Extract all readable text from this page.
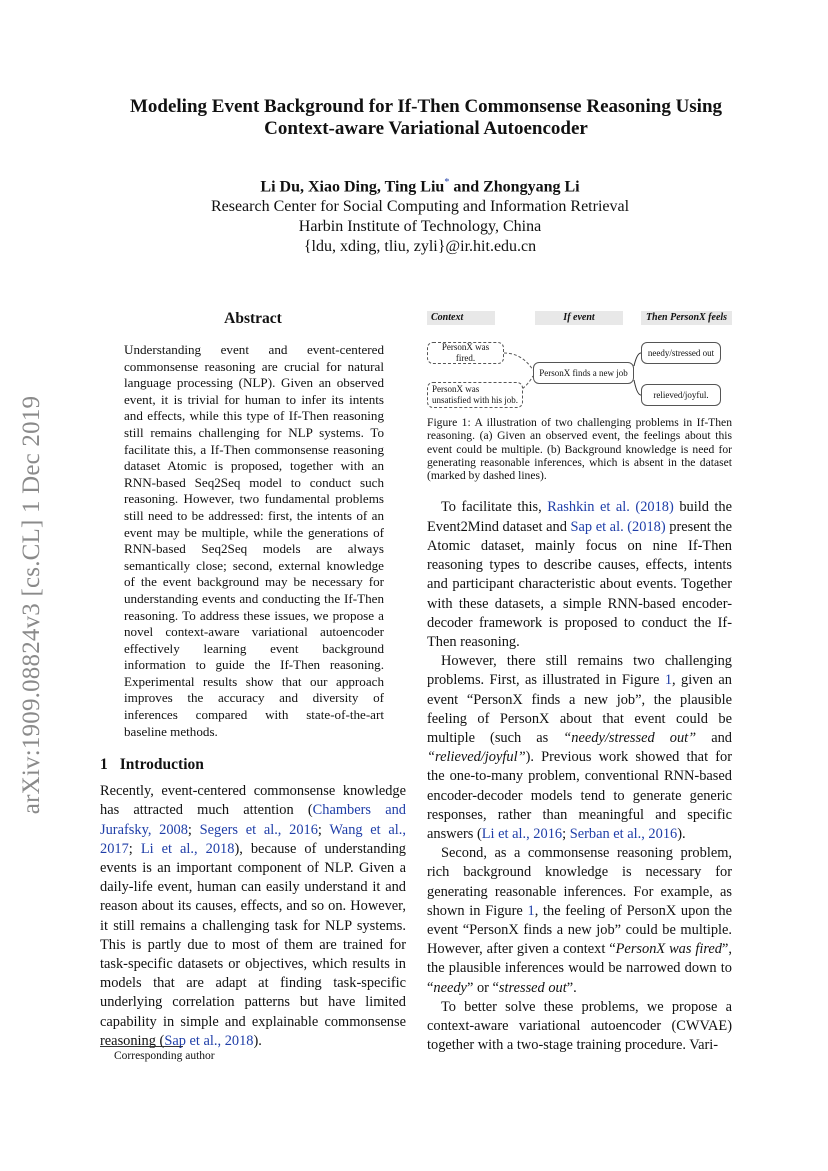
arXiv:1909.08824v3 [cs.CL] 1 Dec 2019
Modeling Event Background for If-Then Commonsense Reasoning Using
Context-aware Variational Autoencoder
Li Du, Xiao Ding, Ting Liu* and Zhongyang Li
Research Center for Social Computing and Information Retrieval
Harbin Institute of Technology, China
{ldu, xding, tliu, zyli}@ir.hit.edu.cn
Abstract

Understanding event and event-centered commonsense reasoning are crucial for natural language processing (NLP). Given an observed event, it is trivial for human to infer its intents and effects, while this type of If-Then reasoning still remains challenging for NLP systems. To facilitate this, a If-Then commonsense reasoning dataset Atomic is proposed, together with an RNN-based Seq2Seq model to conduct such reasoning. However, two fundamental problems still need to be addressed: first, the intents of an event may be multiple, while the generations of RNN-based Seq2Seq models are always semantically close; second, external knowledge of the event background may be necessary for understanding events and conducting the If-Then reasoning. To address these issues, we propose a novel context-aware variational autoencoder effectively learning event background information to guide the If-Then reasoning. Experimental results show that our approach improves the accuracy and diversity of inferences compared with state-of-the-art baseline methods.

1 Introduction

Recently, event-centered commonsense knowledge has attracted much attention (Chambers and Jurafsky, 2008; Segers et al., 2016; Wang et al., 2017; Li et al., 2018), because of understanding events is an important component of NLP. Given a daily-life event, human can easily understand it and reason about its causes, effects, and so on. However, it still remains a challenging task for NLP systems. This is partly due to most of them are trained for task-specific datasets or objectives, which results in models that are adapt at finding task-specific underlying correlation patterns but have limited capability in simple and explainable commonsense reasoning (Sap et al., 2018).

Corresponding author
Context	If event	Then PersonX feels
PersonX was fired.
PersonX was unsatisfied with his job.
PersonX finds a new job
needy/stressed out
relieved/joyful.

Figure 1: A illustration of two challenging problems in If-Then reasoning. (a) Given an observed event, the feelings about this event could be multiple. (b) Background knowledge is need for generating reasonable inferences, which is absent in the dataset (marked by dashed lines).

To facilitate this, Rashkin et al. (2018) build the Event2Mind dataset and Sap et al. (2018) present the Atomic dataset, mainly focus on nine If-Then reasoning types to describe causes, effects, intents and participant characteristic about events. Together with these datasets, a simple RNN-based encoder-decoder framework is proposed to conduct the If-Then reasoning.

However, there still remains two challenging problems. First, as illustrated in Figure 1, given an event “PersonX finds a new job”, the plausible feeling of PersonX about that event could be multiple (such as “needy/stressed out” and “relieved/joyful”). Previous work showed that for the one-to-many problem, conventional RNN-based encoder-decoder models tend to generate generic responses, rather than meaningful and specific answers (Li et al., 2016; Serban et al., 2016).

Second, as a commonsense reasoning problem, rich background knowledge is necessary for generating reasonable inferences. For example, as shown in Figure 1, the feeling of PersonX upon the event “PersonX finds a new job” could be multiple. However, after given a context “PersonX was fired”, the plausible inferences would be narrowed down to “needy” or “stressed out”.

To better solve these problems, we propose a context-aware variational autoencoder (CWVAE) together with a two-stage training procedure. Vari-
